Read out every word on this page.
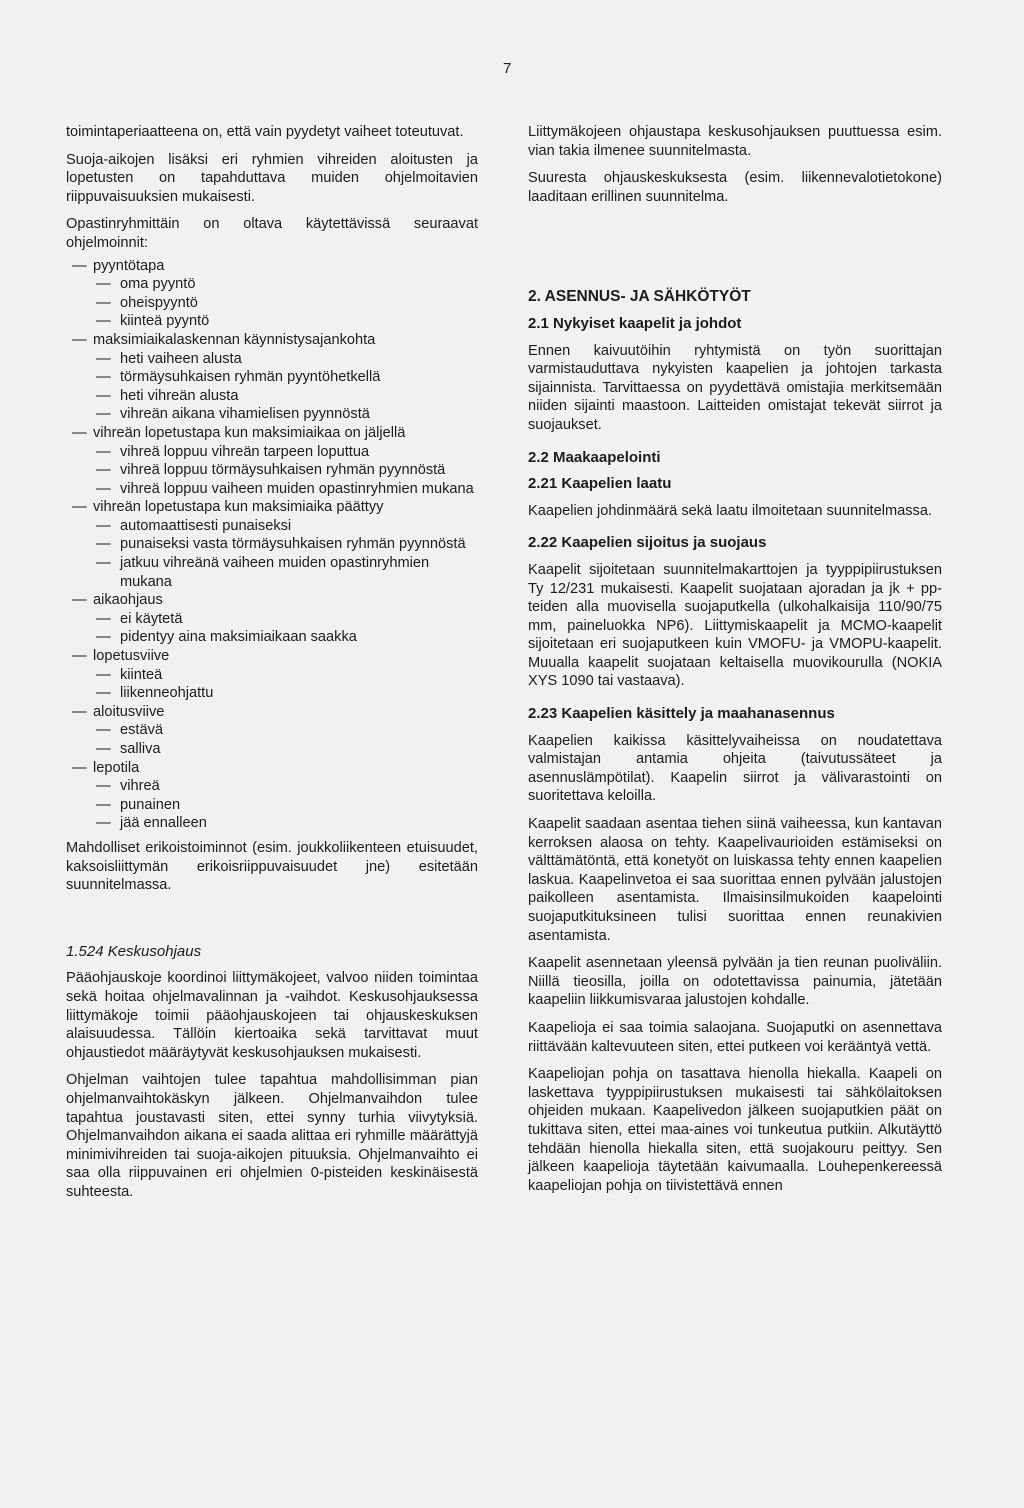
7

toimintaperiaatteena on, että vain pyydetyt vaiheet toteutuvat.

Suoja-aikojen lisäksi eri ryhmien vihreiden aloitusten ja lopetusten on tapahduttava muiden ohjelmoitavien riippuvaisuuksien mukaisesti.

Opastinryhmittäin on oltava käytettävissä seuraavat ohjelmoinnit:

— pyyntötapa
— oma pyyntö
— oheispyyntö
— kiinteä pyyntö
— maksimiaikalaskennan käynnistysajankohta
— heti vaiheen alusta
— törmäysuhkaisen ryhmän pyyntöhetkellä
— heti vihreän alusta
— vihreän aikana vihamielisen pyynnöstä
— vihreän lopetustapa kun maksimiaikaa on jäljellä
— vihreä loppuu vihreän tarpeen loputtua
— vihreä loppuu törmäysuhkaisen ryhmän pyynnöstä
— vihreä loppuu vaiheen muiden opastinryhmien mukana
— vihreän lopetustapa kun maksimiaika päättyy
— automaattisesti punaiseksi
— punaiseksi vasta törmäysuhkaisen ryhmän pyynnöstä
— jatkuu vihreänä vaiheen muiden opastinryhmien mukana
— aikaohjaus
— ei käytetä
— pidentyy aina maksimiaikaan saakka
— lopetusviive
— kiinteä
— liikenneohjattu
— aloitusviive
— estävä
— salliva
— lepotila
— vihreä
— punainen
— jää ennalleen

Mahdolliset erikoistoiminnot (esim. joukkoliikenteen etuisuudet, kaksoisliittymän erikoisriippuvaisuudet jne) esitetään suunnitelmassa.

1.524 Keskusohjaus

Pääohjauskoje koordinoi liittymäkojeet, valvoo niiden toimintaa sekä hoitaa ohjelmavalinnan ja -vaihdot. Keskusohjauksessa liittymäkoje toimii pääohjauskojeen tai ohjauskeskuksen alaisuudessa. Tällöin kiertoaika sekä tarvittavat muut ohjaustiedot määräytyvät keskusohjauksen mukaisesti.

Ohjelman vaihtojen tulee tapahtua mahdollisimman pian ohjelmanvaihtokäskyn jälkeen. Ohjelmanvaihdon tulee tapahtua joustavasti siten, ettei synny turhia viivytyksiä. Ohjelmanvaihdon aikana ei saada alittaa eri ryhmille määrättyjä minimivihreiden tai suoja-aikojen pituuksia. Ohjelmanvaihto ei saa olla riippuvainen eri ohjelmien 0-pisteiden keskinäisestä suhteesta.

Liittymäkojeen ohjaustapa keskusohjauksen puuttuessa esim. vian takia ilmenee suunnitelmasta.

Suuresta ohjauskeskuksesta (esim. liikennevalotietokone) laaditaan erillinen suunnitelma.

2. ASENNUS- JA SÄHKÖTYÖT
2.1 Nykyiset kaapelit ja johdot

Ennen kaivuutöihin ryhtymistä on työn suorittajan varmistauduttava nykyisten kaapelien ja johtojen tarkasta sijainnista. Tarvittaessa on pyydettävä omistajia merkitsemään niiden sijainti maastoon. Laitteiden omistajat tekevät siirrot ja suojaukset.

2.2 Maakaapelointi
2.21 Kaapelien laatu

Kaapelien johdinmäärä sekä laatu ilmoitetaan suunnitelmassa.

2.22 Kaapelien sijoitus ja suojaus

Kaapelit sijoitetaan suunnitelmakarttojen ja tyyppipiirustuksen Ty 12/231 mukaisesti. Kaapelit suojataan ajoradan ja jk + pp-teiden alla muovisella suojaputkella (ulkohalkaisija 110/90/75 mm, paineluokka NP6). Liittymiskaapelit ja MCMO-kaapelit sijoitetaan eri suojaputkeen kuin VMOFU- ja VMOPU-kaapelit. Muualla kaapelit suojataan keltaisella muovikourulla (NOKIA XYS 1090 tai vastaava).

2.23 Kaapelien käsittely ja maahanasennus

Kaapelien kaikissa käsittelyvaiheissa on noudatettava valmistajan antamia ohjeita (taivutussäteet ja asennuslämpötilat). Kaapelin siirrot ja välivarastointi on suoritettava keloilla.

Kaapelit saadaan asentaa tiehen siinä vaiheessa, kun kantavan kerroksen alaosa on tehty. Kaapelivaurioiden estämiseksi on välttämätöntä, että konetyöt on luiskassa tehty ennen kaapelien laskua. Kaapelinvetoa ei saa suorittaa ennen pylvään jalustojen paikolleen asentamista. Ilmaisinsilmukoiden kaapelointi suojaputkituksineen tulisi suorittaa ennen reunakivien asentamista.

Kaapelit asennetaan yleensä pylvään ja tien reunan puoliväliin. Niillä tieosilla, joilla on odotettavissa painumia, jätetään kaapeliin liikkumisvaraa jalustojen kohdalle.

Kaapelioja ei saa toimia salaojana. Suojaputki on asennettava riittävään kaltevuuteen siten, ettei putkeen voi kerääntyä vettä.

Kaapeliojan pohja on tasattava hienolla hiekalla. Kaapeli on laskettava tyyppipiirustuksen mukaisesti tai sähkölaitoksen ohjeiden mukaan. Kaapelivedon jälkeen suojaputkien päät on tukittava siten, ettei maa-aines voi tunkeutua putkiin. Alkutäyttö tehdään hienolla hiekalla siten, että suojakouru peittyy. Sen jälkeen kaapelioja täytetään kaivumaalla. Louhepenkereessä kaapeliojan pohja on tiivistettävä ennen
